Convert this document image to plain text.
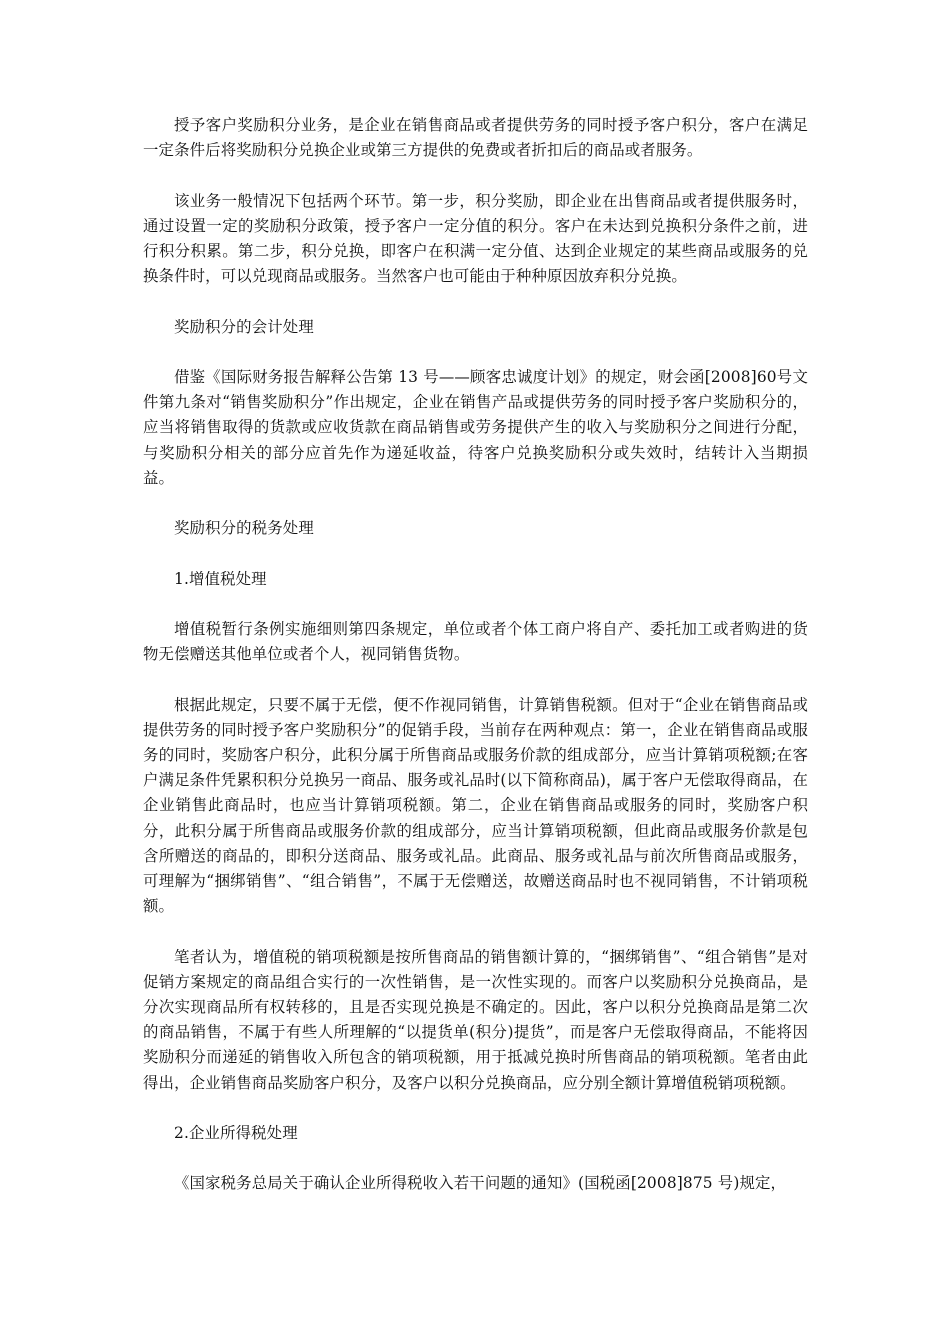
授予客户奖励积分业务，是企业在销售商品或者提供劳务的同时授予客户积分，客户在满足一定条件后将奖励积分兑换企业或第三方提供的免费或者折扣后的商品或者服务。

该业务一般情况下包括两个环节。第一步，积分奖励，即企业在出售商品或者提供服务时，通过设置一定的奖励积分政策，授予客户一定分值的积分。客户在未达到兑换积分条件之前，进行积分积累。第二步，积分兑换，即客户在积满一定分值、达到企业规定的某些商品或服务的兑换条件时，可以兑现商品或服务。当然客户也可能由于种种原因放弃积分兑换。

奖励积分的会计处理

借鉴《国际财务报告解释公告第 13 号——顾客忠诚度计划》的规定，财会函[2008]60号文件第九条对“销售奖励积分”作出规定，企业在销售产品或提供劳务的同时授予客户奖励积分的，应当将销售取得的货款或应收货款在商品销售或劳务提供产生的收入与奖励积分之间进行分配，与奖励积分相关的部分应首先作为递延收益，待客户兑换奖励积分或失效时，结转计入当期损益。

奖励积分的税务处理

1.增值税处理

增值税暂行条例实施细则第四条规定，单位或者个体工商户将自产、委托加工或者购进的货物无偿赠送其他单位或者个人，视同销售货物。

根据此规定，只要不属于无偿，便不作视同销售，计算销售税额。但对于“企业在销售商品或提供劳务的同时授予客户奖励积分”的促销手段，当前存在两种观点：第一，企业在销售商品或服务的同时，奖励客户积分，此积分属于所售商品或服务价款的组成部分，应当计算销项税额;在客户满足条件凭累积积分兑换另一商品、服务或礼品时(以下简称商品)，属于客户无偿取得商品，在企业销售此商品时，也应当计算销项税额。第二，企业在销售商品或服务的同时，奖励客户积分，此积分属于所售商品或服务价款的组成部分，应当计算销项税额，但此商品或服务价款是包含所赠送的商品的，即积分送商品、服务或礼品。此商品、服务或礼品与前次所售商品或服务，可理解为“捆绑销售”、“组合销售”，不属于无偿赠送，故赠送商品时也不视同销售，不计销项税额。

笔者认为，增值税的销项税额是按所售商品的销售额计算的，“捆绑销售”、“组合销售”是对促销方案规定的商品组合实行的一次性销售，是一次性实现的。而客户以奖励积分兑换商品，是分次实现商品所有权转移的，且是否实现兑换是不确定的。因此，客户以积分兑换商品是第二次的商品销售，不属于有些人所理解的“以提货单(积分)提货”，而是客户无偿取得商品，不能将因奖励积分而递延的销售收入所包含的销项税额，用于抵减兑换时所售商品的销项税额。笔者由此得出，企业销售商品奖励客户积分，及客户以积分兑换商品，应分别全额计算增值税销项税额。

2.企业所得税处理

《国家税务总局关于确认企业所得税收入若干问题的通知》(国税函[2008]875 号)规定，
